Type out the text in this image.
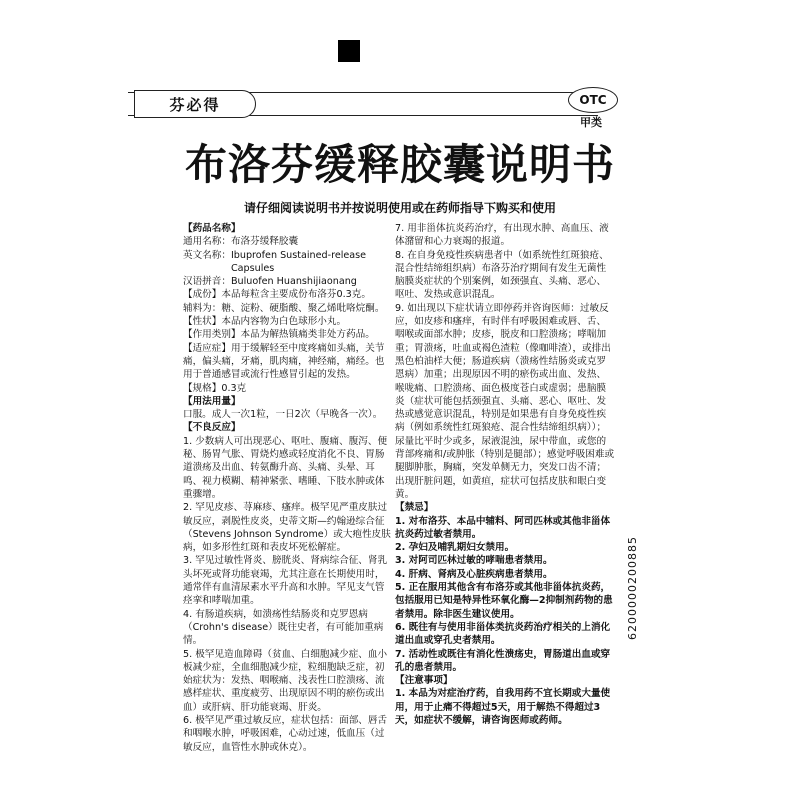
芬必得	OTC
甲类
布洛芬缓释胶囊说明书
请仔细阅读说明书并按说明使用或在药师指导下购买和使用
【药品名称】
通用名称：布洛芬缓释胶囊
英文名称：Ibuprofen Sustained-release
　　　　　Capsules
汉语拼音：Buluofen Huanshijiaonang
【成份】本品每粒含主要成份布洛芬0.3克。
辅料为：糖、淀粉、硬脂酸、聚乙烯吡咯烷酮。
【性状】本品内容物为白色球形小丸。
【作用类别】本品为解热镇痛类非处方药品。
【适应症】用于缓解轻至中度疼痛如头痛，关节痛，偏头痛，牙痛，肌肉痛，神经痛，痛经。也用于普通感冒或流行性感冒引起的发热。
【规格】0.3克
【用法用量】
口服。成人一次1粒，一日2次（早晚各一次）。
【不良反应】
1. 少数病人可出现恶心、呕吐、腹痛、腹泻、便秘、肠胃气胀、胃烧灼感或轻度消化不良、胃肠道溃疡及出血、转氨酶升高、头痛、头晕、耳鸣、视力模糊、精神紧张、嗜睡、下肢水肿或体重骤增。
2. 罕见皮疹、荨麻疹、瘙痒。极罕见严重皮肤过敏反应，剥脱性皮炎，史蒂文斯—约翰逊综合征（Stevens Johnson Syndrome）或大疱性皮肤病，如多形性红斑和表皮坏死松解症。
3. 罕见过敏性肾炎、膀胱炎、肾病综合征、肾乳头坏死或肾功能衰竭，尤其注意在长期使用时，通常伴有血清尿素水平升高和水肿。罕见支气管痉挛和哮喘加重。
4. 有肠道疾病，如溃疡性结肠炎和克罗恩病（Crohn's disease）既往史者，有可能加重病情。
5. 极罕见造血障碍（贫血、白细胞减少症、血小板减少症，全血细胞减少症，粒细胞缺乏症，初始症状为：发热、咽喉痛、浅表性口腔溃疡、流感样症状、重度疲劳、出现原因不明的瘀伤或出血）或肝病、肝功能衰竭、肝炎。
6. 极罕见严重过敏反应，症状包括：面部、唇舌和咽喉水肿，呼吸困难，心动过速，低血压（过敏反应，血管性水肿或休克）。
7. 用非甾体抗炎药治疗，有出现水肿、高血压、液体潴留和心力衰竭的报道。
8. 在自身免疫性疾病患者中（如系统性红斑狼疮、混合性结缔组织病）布洛芬治疗期间有发生无菌性脑膜炎症状的个别案例，如颈强直、头痛、恶心、呕吐、发热或意识混乱。
9. 如出现以下症状请立即停药并咨询医师：过敏反应，如皮疹和瘙痒，有时伴有呼吸困难或唇、舌、咽喉或面部水肿；皮疹，脱皮和口腔溃疡；哮喘加重；胃溃疡，吐血或褐色渣粒（像咖啡渣），或排出黑色柏油样大便；肠道疾病（溃疡性结肠炎或克罗恩病）加重；出现原因不明的瘀伤或出血、发热、喉咙痛、口腔溃疡、面色极度苍白或虚弱；患脑膜炎（症状可能包括颈强直、头痛、恶心、呕吐、发热或感觉意识混乱，特别是如果患有自身免疫性疾病（例如系统性红斑狼疮、混合性结缔组织病））；尿量比平时少或多，尿液混浊，尿中带血，或您的背部疼痛和/或肿胀（特别是腿部）；感觉呼吸困难或腿脚肿胀，胸痛，突发单侧无力，突发口齿不清；出现肝脏问题，如黄疸，症状可包括皮肤和眼白变黄。
【禁忌】
1. 对布洛芬、本品中辅料、阿司匹林或其他非甾体抗炎药过敏者禁用。
2. 孕妇及哺乳期妇女禁用。
3. 对阿司匹林过敏的哮喘患者禁用。
4. 肝病、肾病及心脏疾病患者禁用。
5. 正在服用其他含有布洛芬或其他非甾体抗炎药，包括服用已知是特异性环氧化酶—2抑制剂药物的患者禁用。除非医生建议使用。
6. 既往有与使用非甾体类抗炎药治疗相关的上消化道出血或穿孔史者禁用。
7. 活动性或既往有消化性溃疡史，胃肠道出血或穿孔的患者禁用。
【注意事项】
1. 本品为对症治疗药，自我用药不宜长期或大量使用，用于止痛不得超过5天，用于解热不得超过3天，如症状不缓解，请咨询医师或药师。
6200000200885
